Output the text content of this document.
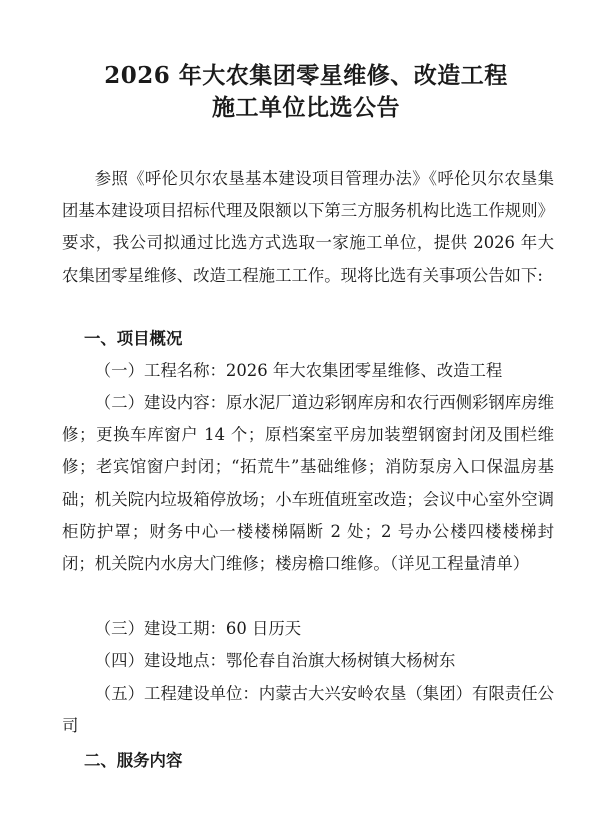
2026 年大农集团零星维修、改造工程
施工单位比选公告

参照《呼伦贝尔农垦基本建设项目管理办法》《呼伦贝尔农垦集团基本建设项目招标代理及限额以下第三方服务机构比选工作规则》要求，我公司拟通过比选方式选取一家施工单位，提供 2026 年大农集团零星维修、改造工程施工工作。现将比选有关事项公告如下:

一、项目概况

（一）工程名称：2026 年大农集团零星维修、改造工程

（二）建设内容：原水泥厂道边彩钢库房和农行西侧彩钢库房维修；更换车库窗户 14 个；原档案室平房加装塑钢窗封闭及围栏维修；老宾馆窗户封闭；“拓荒牛”基础维修；消防泵房入口保温房基础；机关院内垃圾箱停放场；小车班值班室改造；会议中心室外空调柜防护罩；财务中心一楼楼梯隔断 2 处；2 号办公楼四楼楼梯封闭；机关院内水房大门维修；楼房檐口维修。（详见工程量清单）

（三）建设工期：60 日历天

（四）建设地点：鄂伦春自治旗大杨树镇大杨树东

（五）工程建设单位：内蒙古大兴安岭农垦（集团）有限责任公司

二、服务内容
